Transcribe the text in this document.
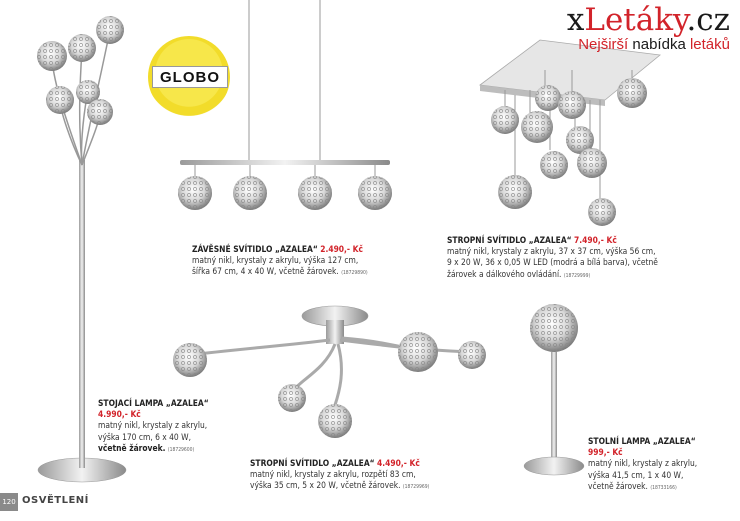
xLetáky.cz
Nejširší nabídka letáků
GLOBO
ZÁVĚSNÉ SVÍTIDLO „AZALEA“ 2.490,- Kč
matný nikl, krystaly z akrylu, výška 127 cm,
šířka 67 cm, 4 x 40 W, včetně žárovek. (18729890)
STROPNÍ SVÍTIDLO „AZALEA“ 7.490,- Kč
matný nikl, krystaly z akrylu, 37 x 37 cm, výška 56 cm,
9 x 20 W, 36 x 0,05 W LED (modrá a bílá barva), včetně
žárovek a dálkového ovládání. (18729999)
STOJACÍ LAMPA „AZALEA“
4.990,- Kč
matný nikl, krystaly z akrylu,
výška 170 cm, 6 x 40 W,
včetně žárovek. (18729600)
STROPNÍ SVÍTIDLO „AZALEA“ 4.490,- Kč
matný nikl, krystaly z akrylu, rozpětí 83 cm,
výška 35 cm, 5 x 20 W, včetně žárovek. (18729969)
STOLNÍ LAMPA „AZALEA“
999,- Kč
matný nikl, krystaly z akrylu,
výška 41,5 cm, 1 x 40 W,
včetně žárovek. (18733166)
120 OSVĚTLENÍ
